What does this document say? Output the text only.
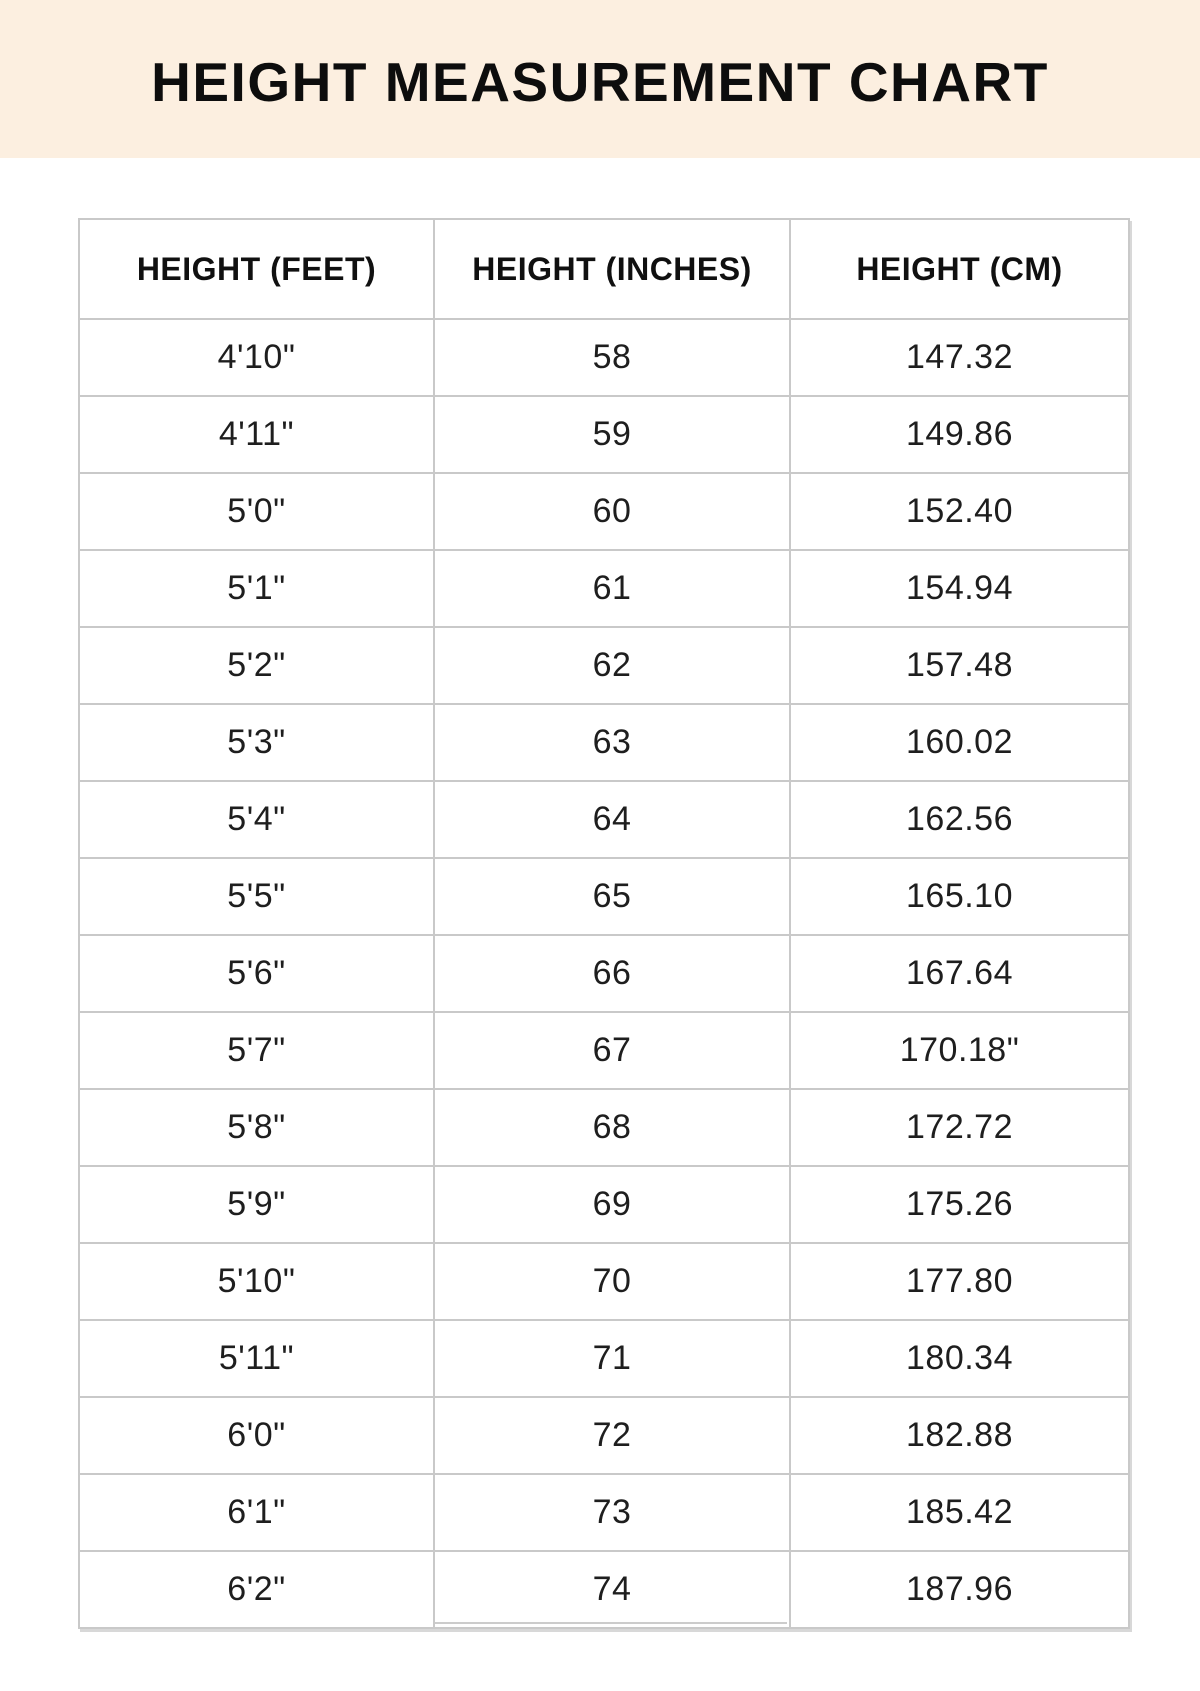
HEIGHT MEASUREMENT CHART
HEIGHT (FEET)	HEIGHT (INCHES)	HEIGHT (CM)
4'10"	58	147.32
4'11"	59	149.86
5'0"	60	152.40
5'1"	61	154.94
5'2"	62	157.48
5'3"	63	160.02
5'4"	64	162.56
5'5"	65	165.10
5'6"	66	167.64
5'7"	67	170.18"
5'8"	68	172.72
5'9"	69	175.26
5'10"	70	177.80
5'11"	71	180.34
6'0"	72	182.88
6'1"	73	185.42
6'2"	74	187.96
